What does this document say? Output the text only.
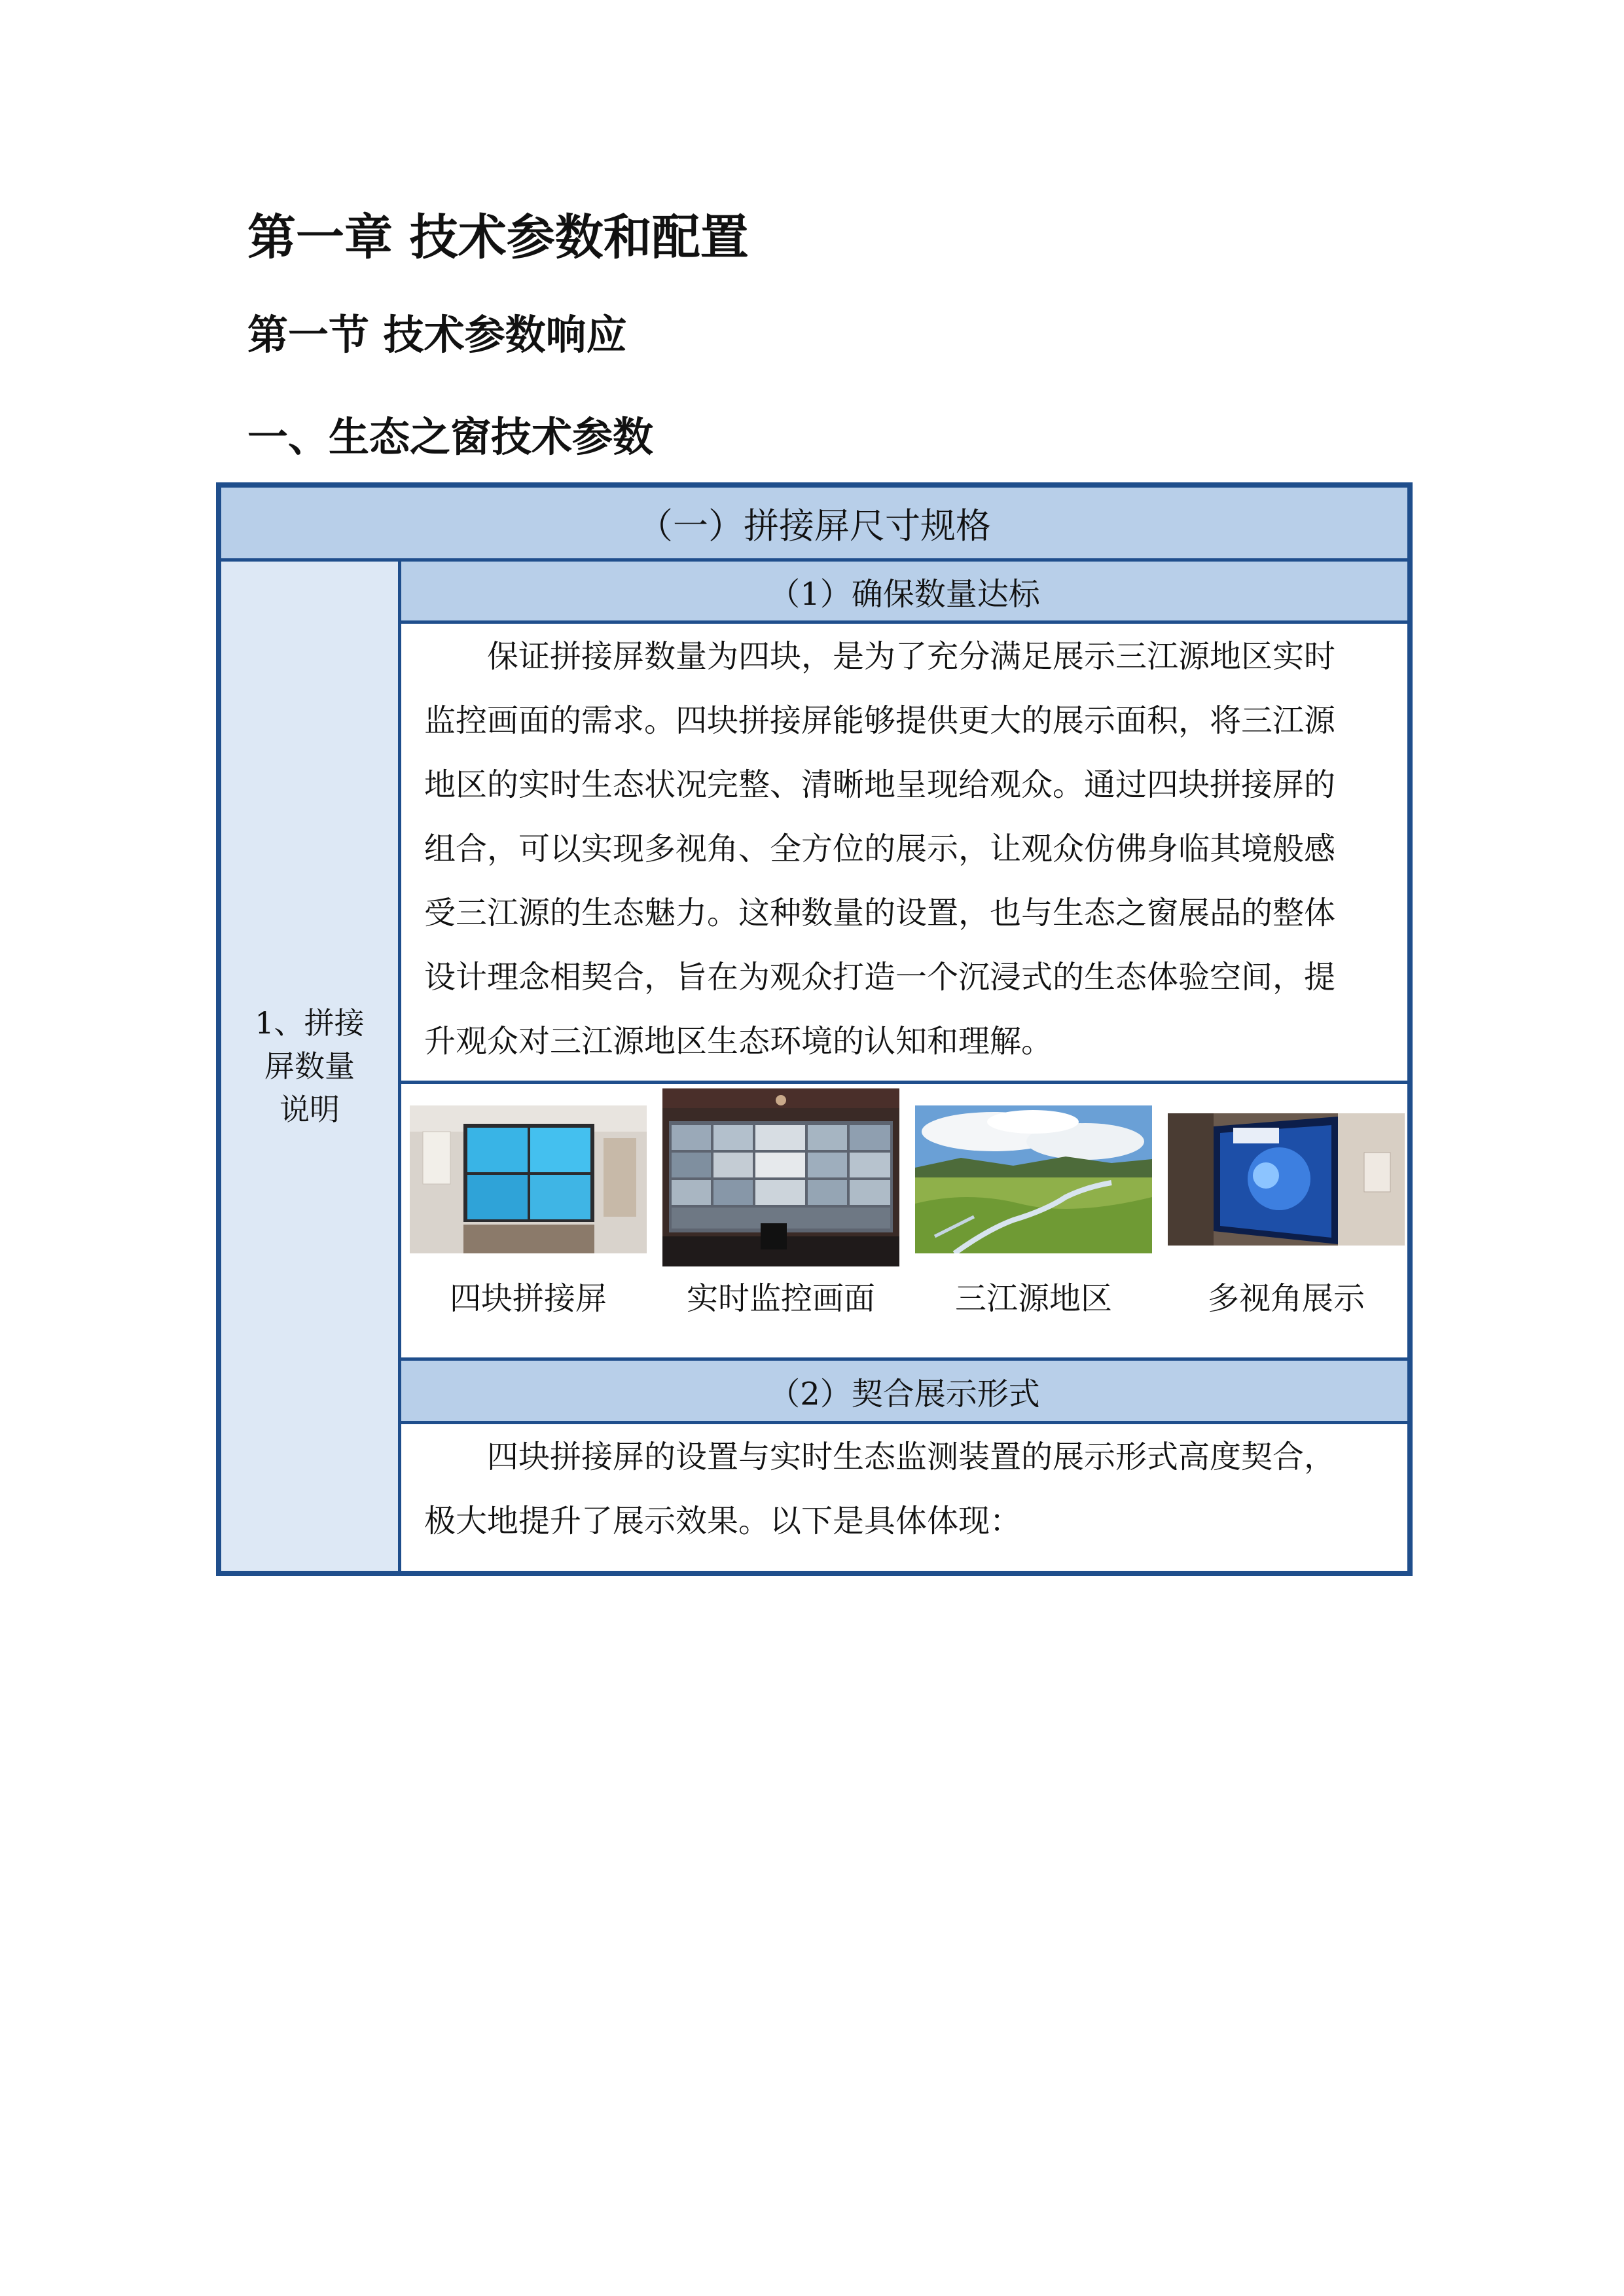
第一章 技术参数和配置
第一节 技术参数响应
一、生态之窗技术参数
（一）拼接屏尺寸规格
1、拼接
屏数量
说明
（1）确保数量达标
保证拼接屏数量为四块，是为了充分满足展示三江源地区实时
监控画面的需求。四块拼接屏能够提供更大的展示面积，将三江源
地区的实时生态状况完整、清晰地呈现给观众。通过四块拼接屏的
组合，可以实现多视角、全方位的展示，让观众仿佛身临其境般感
受三江源的生态魅力。这种数量的设置，也与生态之窗展品的整体
设计理念相契合，旨在为观众打造一个沉浸式的生态体验空间，提
升观众对三江源地区生态环境的认知和理解。
四块拼接屏	实时监控画面	三江源地区	多视角展示
（2）契合展示形式
四块拼接屏的设置与实时生态监测装置的展示形式高度契合，
极大地提升了展示效果。以下是具体体现：
